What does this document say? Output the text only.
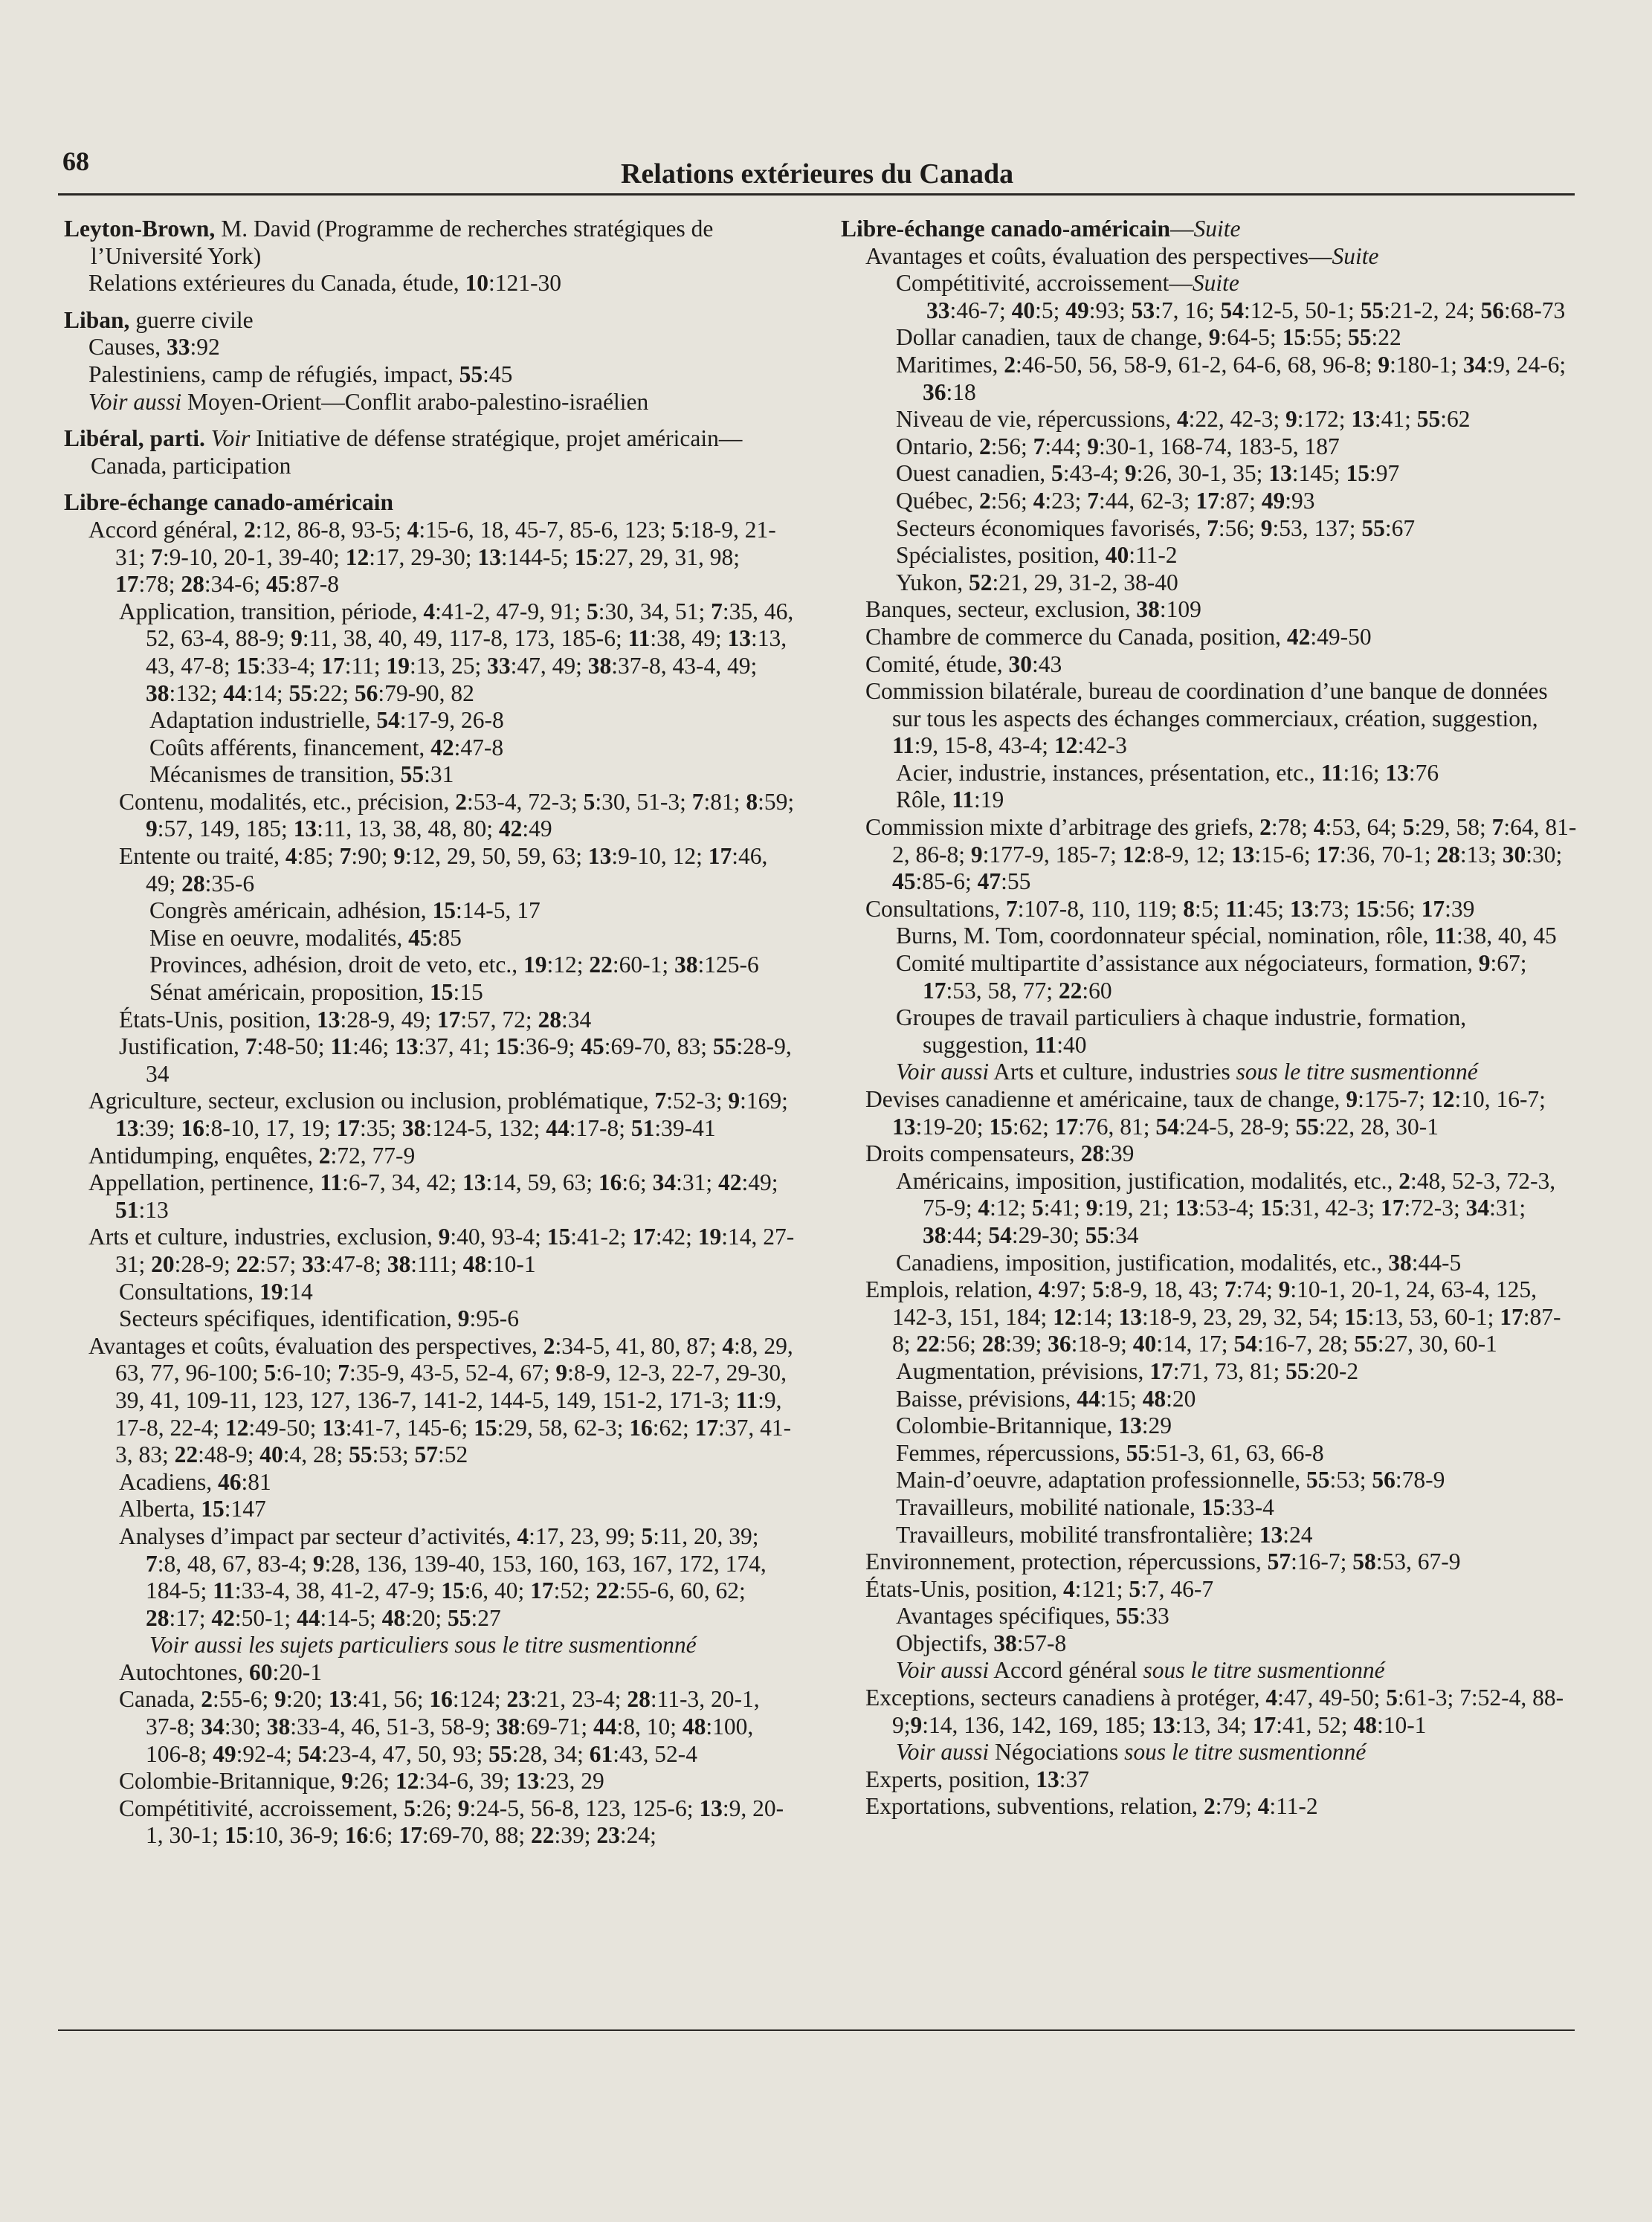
68	Relations extérieures du Canada
Leyton-Brown, M. David (Programme de recherches stratégiques de l’Université York)
Relations extérieures du Canada, étude, 10:121-30
Liban, guerre civile
Causes, 33:92
Palestiniens, camp de réfugiés, impact, 55:45
Voir aussi Moyen-Orient—Conflit arabo-palestino-israélien
Libéral, parti. Voir Initiative de défense stratégique, projet américain—Canada, participation
Libre-échange canado-américain
Accord général, 2:12, 86-8, 93-5; 4:15-6, 18, 45-7, 85-6, 123; 5:18-9, 21-31; 7:9-10, 20-1, 39-40; 12:17, 29-30; 13:144-5; 15:27, 29, 31, 98; 17:78; 28:34-6; 45:87-8
Application, transition, période, 4:41-2, 47-9, 91; 5:30, 34, 51; 7:35, 46, 52, 63-4, 88-9; 9:11, 38, 40, 49, 117-8, 173, 185-6; 11:38, 49; 13:13, 43, 47-8; 15:33-4; 17:11; 19:13, 25; 33:47, 49; 38:37-8, 43-4, 49; 38:132; 44:14; 55:22; 56:79-90, 82
Adaptation industrielle, 54:17-9, 26-8
Coûts afférents, financement, 42:47-8
Mécanismes de transition, 55:31
Contenu, modalités, etc., précision, 2:53-4, 72-3; 5:30, 51-3; 7:81; 8:59; 9:57, 149, 185; 13:11, 13, 38, 48, 80; 42:49
Entente ou traité, 4:85; 7:90; 9:12, 29, 50, 59, 63; 13:9-10, 12; 17:46, 49; 28:35-6
Congrès américain, adhésion, 15:14-5, 17
Mise en oeuvre, modalités, 45:85
Provinces, adhésion, droit de veto, etc., 19:12; 22:60-1; 38:125-6
Sénat américain, proposition, 15:15
États-Unis, position, 13:28-9, 49; 17:57, 72; 28:34
Justification, 7:48-50; 11:46; 13:37, 41; 15:36-9; 45:69-70, 83; 55:28-9, 34
Agriculture, secteur, exclusion ou inclusion, problématique, 7:52-3; 9:169; 13:39; 16:8-10, 17, 19; 17:35; 38:124-5, 132; 44:17-8; 51:39-41
Antidumping, enquêtes, 2:72, 77-9
Appellation, pertinence, 11:6-7, 34, 42; 13:14, 59, 63; 16:6; 34:31; 42:49; 51:13
Arts et culture, industries, exclusion, 9:40, 93-4; 15:41-2; 17:42; 19:14, 27-31; 20:28-9; 22:57; 33:47-8; 38:111; 48:10-1
Consultations, 19:14
Secteurs spécifiques, identification, 9:95-6
Avantages et coûts, évaluation des perspectives, 2:34-5, 41, 80, 87; 4:8, 29, 63, 77, 96-100; 5:6-10; 7:35-9, 43-5, 52-4, 67; 9:8-9, 12-3, 22-7, 29-30, 39, 41, 109-11, 123, 127, 136-7, 141-2, 144-5, 149, 151-2, 171-3; 11:9, 17-8, 22-4; 12:49-50; 13:41-7, 145-6; 15:29, 58, 62-3; 16:62; 17:37, 41-3, 83; 22:48-9; 40:4, 28; 55:53; 57:52
Acadiens, 46:81
Alberta, 15:147
Analyses d’impact par secteur d’activités, 4:17, 23, 99; 5:11, 20, 39; 7:8, 48, 67, 83-4; 9:28, 136, 139-40, 153, 160, 163, 167, 172, 174, 184-5; 11:33-4, 38, 41-2, 47-9; 15:6, 40; 17:52; 22:55-6, 60, 62; 28:17; 42:50-1; 44:14-5; 48:20; 55:27
Voir aussi les sujets particuliers sous le titre susmentionné
Autochtones, 60:20-1
Canada, 2:55-6; 9:20; 13:41, 56; 16:124; 23:21, 23-4; 28:11-3, 20-1, 37-8; 34:30; 38:33-4, 46, 51-3, 58-9; 38:69-71; 44:8, 10; 48:100, 106-8; 49:92-4; 54:23-4, 47, 50, 93; 55:28, 34; 61:43, 52-4
Colombie-Britannique, 9:26; 12:34-6, 39; 13:23, 29
Compétitivité, accroissement, 5:26; 9:24-5, 56-8, 123, 125-6; 13:9, 20-1, 30-1; 15:10, 36-9; 16:6; 17:69-70, 88; 22:39; 23:24;
Libre-échange canado-américain—Suite
Avantages et coûts, évaluation des perspectives—Suite
Compétitivité, accroissement—Suite
33:46-7; 40:5; 49:93; 53:7, 16; 54:12-5, 50-1; 55:21-2, 24; 56:68-73
Dollar canadien, taux de change, 9:64-5; 15:55; 55:22
Maritimes, 2:46-50, 56, 58-9, 61-2, 64-6, 68, 96-8; 9:180-1; 34:9, 24-6; 36:18
Niveau de vie, répercussions, 4:22, 42-3; 9:172; 13:41; 55:62
Ontario, 2:56; 7:44; 9:30-1, 168-74, 183-5, 187
Ouest canadien, 5:43-4; 9:26, 30-1, 35; 13:145; 15:97
Québec, 2:56; 4:23; 7:44, 62-3; 17:87; 49:93
Secteurs économiques favorisés, 7:56; 9:53, 137; 55:67
Spécialistes, position, 40:11-2
Yukon, 52:21, 29, 31-2, 38-40
Banques, secteur, exclusion, 38:109
Chambre de commerce du Canada, position, 42:49-50
Comité, étude, 30:43
Commission bilatérale, bureau de coordination d’une banque de données sur tous les aspects des échanges commerciaux, création, suggestion, 11:9, 15-8, 43-4; 12:42-3
Acier, industrie, instances, présentation, etc., 11:16; 13:76
Rôle, 11:19
Commission mixte d’arbitrage des griefs, 2:78; 4:53, 64; 5:29, 58; 7:64, 81-2, 86-8; 9:177-9, 185-7; 12:8-9, 12; 13:15-6; 17:36, 70-1; 28:13; 30:30; 45:85-6; 47:55
Consultations, 7:107-8, 110, 119; 8:5; 11:45; 13:73; 15:56; 17:39
Burns, M. Tom, coordonnateur spécial, nomination, rôle, 11:38, 40, 45
Comité multipartite d’assistance aux négociateurs, formation, 9:67; 17:53, 58, 77; 22:60
Groupes de travail particuliers à chaque industrie, formation, suggestion, 11:40
Voir aussi Arts et culture, industries sous le titre susmentionné
Devises canadienne et américaine, taux de change, 9:175-7; 12:10, 16-7; 13:19-20; 15:62; 17:76, 81; 54:24-5, 28-9; 55:22, 28, 30-1
Droits compensateurs, 28:39
Américains, imposition, justification, modalités, etc., 2:48, 52-3, 72-3, 75-9; 4:12; 5:41; 9:19, 21; 13:53-4; 15:31, 42-3; 17:72-3; 34:31; 38:44; 54:29-30; 55:34
Canadiens, imposition, justification, modalités, etc., 38:44-5
Emplois, relation, 4:97; 5:8-9, 18, 43; 7:74; 9:10-1, 20-1, 24, 63-4, 125, 142-3, 151, 184; 12:14; 13:18-9, 23, 29, 32, 54; 15:13, 53, 60-1; 17:87-8; 22:56; 28:39; 36:18-9; 40:14, 17; 54:16-7, 28; 55:27, 30, 60-1
Augmentation, prévisions, 17:71, 73, 81; 55:20-2
Baisse, prévisions, 44:15; 48:20
Colombie-Britannique, 13:29
Femmes, répercussions, 55:51-3, 61, 63, 66-8
Main-d’oeuvre, adaptation professionnelle, 55:53; 56:78-9
Travailleurs, mobilité nationale, 15:33-4
Travailleurs, mobilité transfrontalière; 13:24
Environnement, protection, répercussions, 57:16-7; 58:53, 67-9
États-Unis, position, 4:121; 5:7, 46-7
Avantages spécifiques, 55:33
Objectifs, 38:57-8
Voir aussi Accord général sous le titre susmentionné
Exceptions, secteurs canadiens à protéger, 4:47, 49-50; 5:61-3; 7:52-4, 88-9;9:14, 136, 142, 169, 185; 13:13, 34; 17:41, 52; 48:10-1
Voir aussi Négociations sous le titre susmentionné
Experts, position, 13:37
Exportations, subventions, relation, 2:79; 4:11-2
